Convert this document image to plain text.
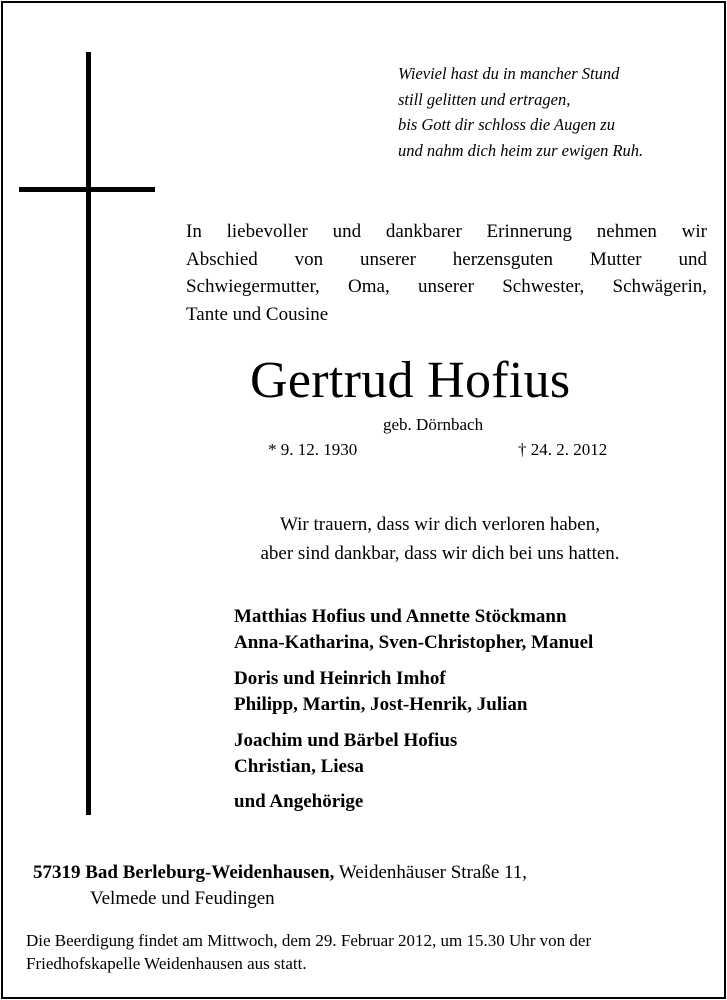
Wieviel hast du in mancher Stund
still gelitten und ertragen,
bis Gott dir schloss die Augen zu
und nahm dich heim zur ewigen Ruh.
In liebevoller und dankbarer Erinnerung nehmen wir
Abschied von unserer herzensguten Mutter und
Schwiegermutter, Oma, unserer Schwester, Schwägerin,
Tante und Cousine
Gertrud Hofius
geb. Dörnbach
* 9. 12. 1930	† 24. 2. 2012
Wir trauern, dass wir dich verloren haben,
aber sind dankbar, dass wir dich bei uns hatten.
Matthias Hofius und Annette Stöckmann
Anna-Katharina, Sven-Christopher, Manuel
Doris und Heinrich Imhof
Philipp, Martin, Jost-Henrik, Julian
Joachim und Bärbel Hofius
Christian, Liesa
und Angehörige
57319 Bad Berleburg-Weidenhausen, Weidenhäuser Straße 11,
Velmede und Feudingen
Die Beerdigung findet am Mittwoch, dem 29. Februar 2012, um 15.30 Uhr von der
Friedhofskapelle Weidenhausen aus statt.
